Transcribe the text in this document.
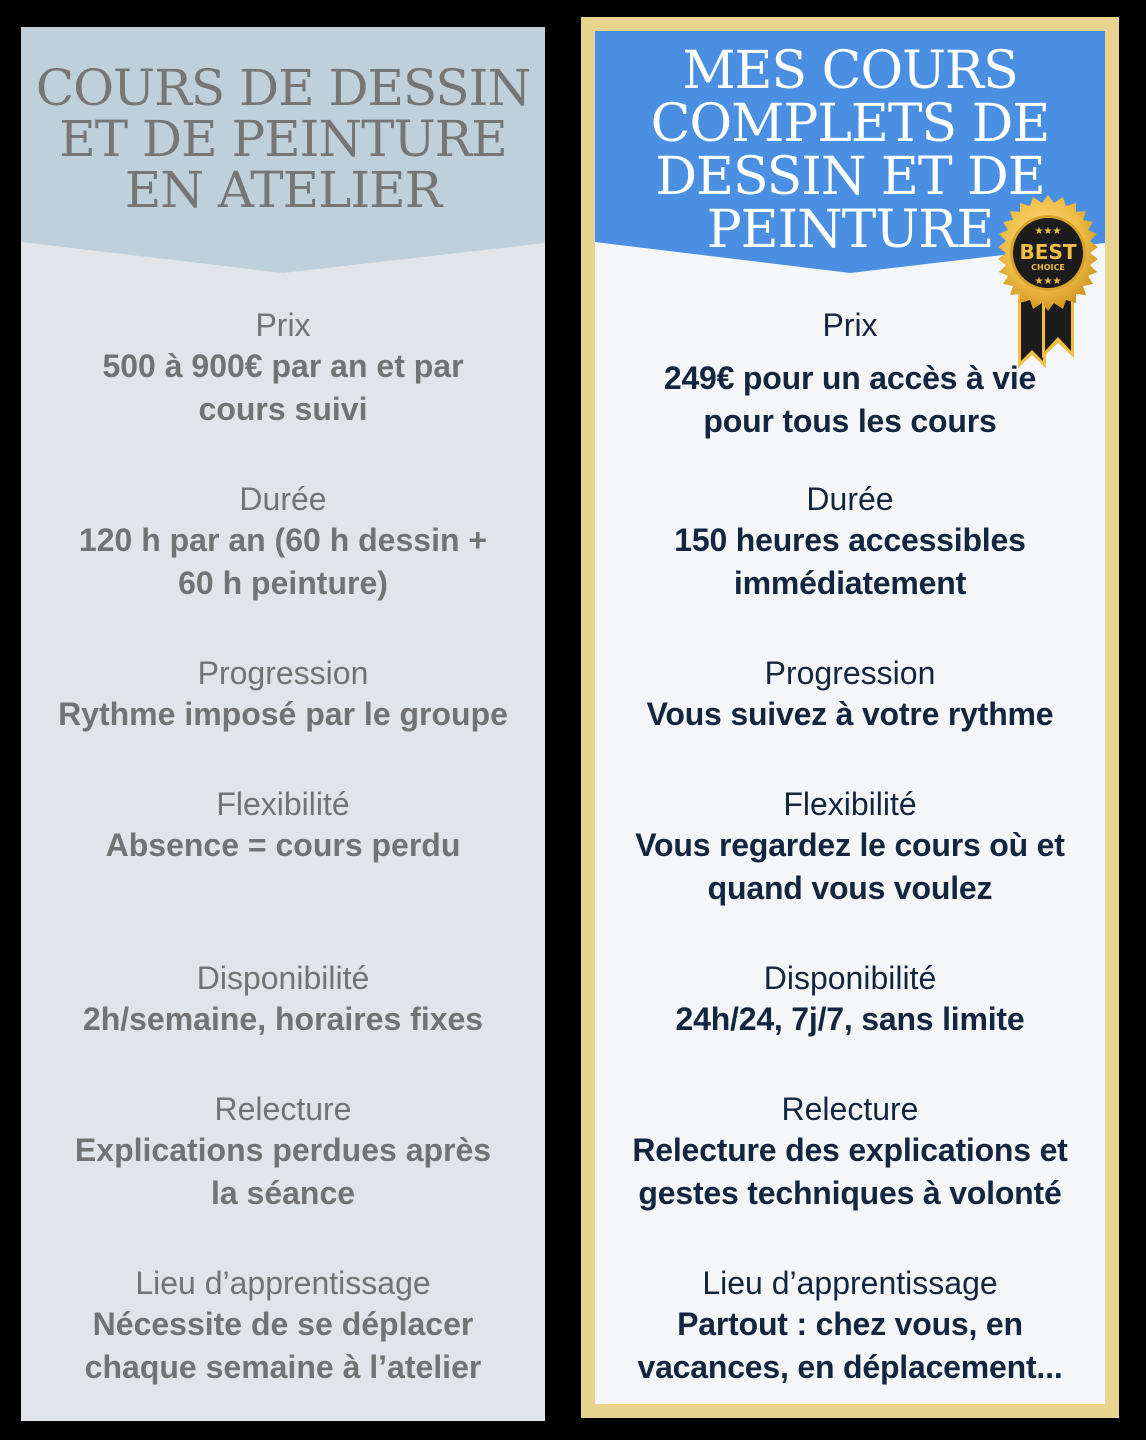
COURS DE DESSIN
ET DE PEINTURE
EN ATELIER
Prix
500 à 900€ par an et par
cours suivi
Durée
120 h par an (60 h dessin +
60 h peinture)
Progression
Rythme imposé par le groupe
Flexibilité
Absence = cours perdu
Disponibilité
2h/semaine, horaires fixes
Relecture
Explications perdues après
la séance
Lieu d’apprentissage
Nécessite de se déplacer
chaque semaine à l’atelier
MES COURS
COMPLETS DE
DESSIN ET DE
PEINTURE
Prix
249€ pour un accès à vie
pour tous les cours
Durée
150 heures accessibles
immédiatement
Progression
Vous suivez à votre rythme
Flexibilité
Vous regardez le cours où et
quand vous voulez
Disponibilité
24h/24, 7j/7, sans limite
Relecture
Relecture des explications et
gestes techniques à volonté
Lieu d’apprentissage
Partout : chez vous, en
vacances, en déplacement...
★★★
BEST
CHOICE
★★★
